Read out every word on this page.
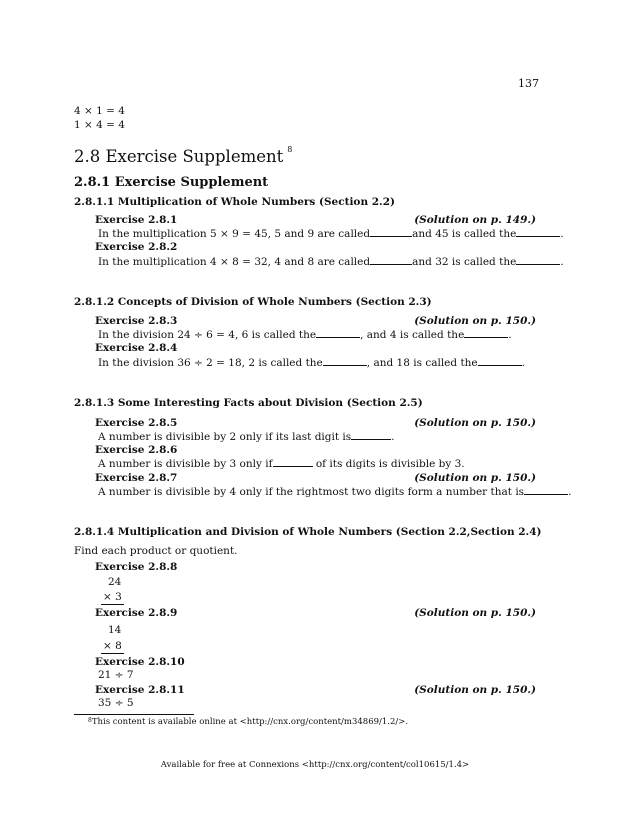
137
4 × 1 = 4
1 × 4 = 4
2.8 Exercise Supplement $^8$
2.8.1 Exercise Supplement
2.8.1.1 Multiplication of Whole Numbers (Section 2.2)
Exercise 2.8.1	(Solution on p. 149.)
In the multiplication 5 × 9 = 45, 5 and 9 are called	and 45 is called the	.
Exercise 2.8.2
In the multiplication 4 × 8 = 32, 4 and 8 are called	and 32 is called the	.
2.8.1.2 Concepts of Division of Whole Numbers (Section 2.3)
Exercise 2.8.3	(Solution on p. 150.)
In the division 24 ÷ 6 = 4, 6 is called the	, and 4 is called the	.
Exercise 2.8.4
In the division 36 ÷ 2 = 18, 2 is called the	, and 18 is called the	.
2.8.1.3 Some Interesting Facts about Division (Section 2.5)
Exercise 2.8.5	(Solution on p. 150.)
A number is divisible by 2 only if its last digit is	.
Exercise 2.8.6
A number is divisible by 3 only if	of its digits is divisible by 3.
Exercise 2.8.7	(Solution on p. 150.)
A number is divisible by 4 only if the rightmost two digits form a number that is	.
2.8.1.4 Multiplication and Division of Whole Numbers (Section 2.2,Section 2.4)
Find each product or quotient.
Exercise 2.8.8
24
× 3
Exercise 2.8.9	(Solution on p. 150.)
14
× 8
Exercise 2.8.10
21 ÷ 7
Exercise 2.8.11	(Solution on p. 150.)
35 ÷ 5
$^8$This content is available online at <http://cnx.org/content/m34869/1.2/>.
Available for free at Connexions <http://cnx.org/content/col10615/1.4>
